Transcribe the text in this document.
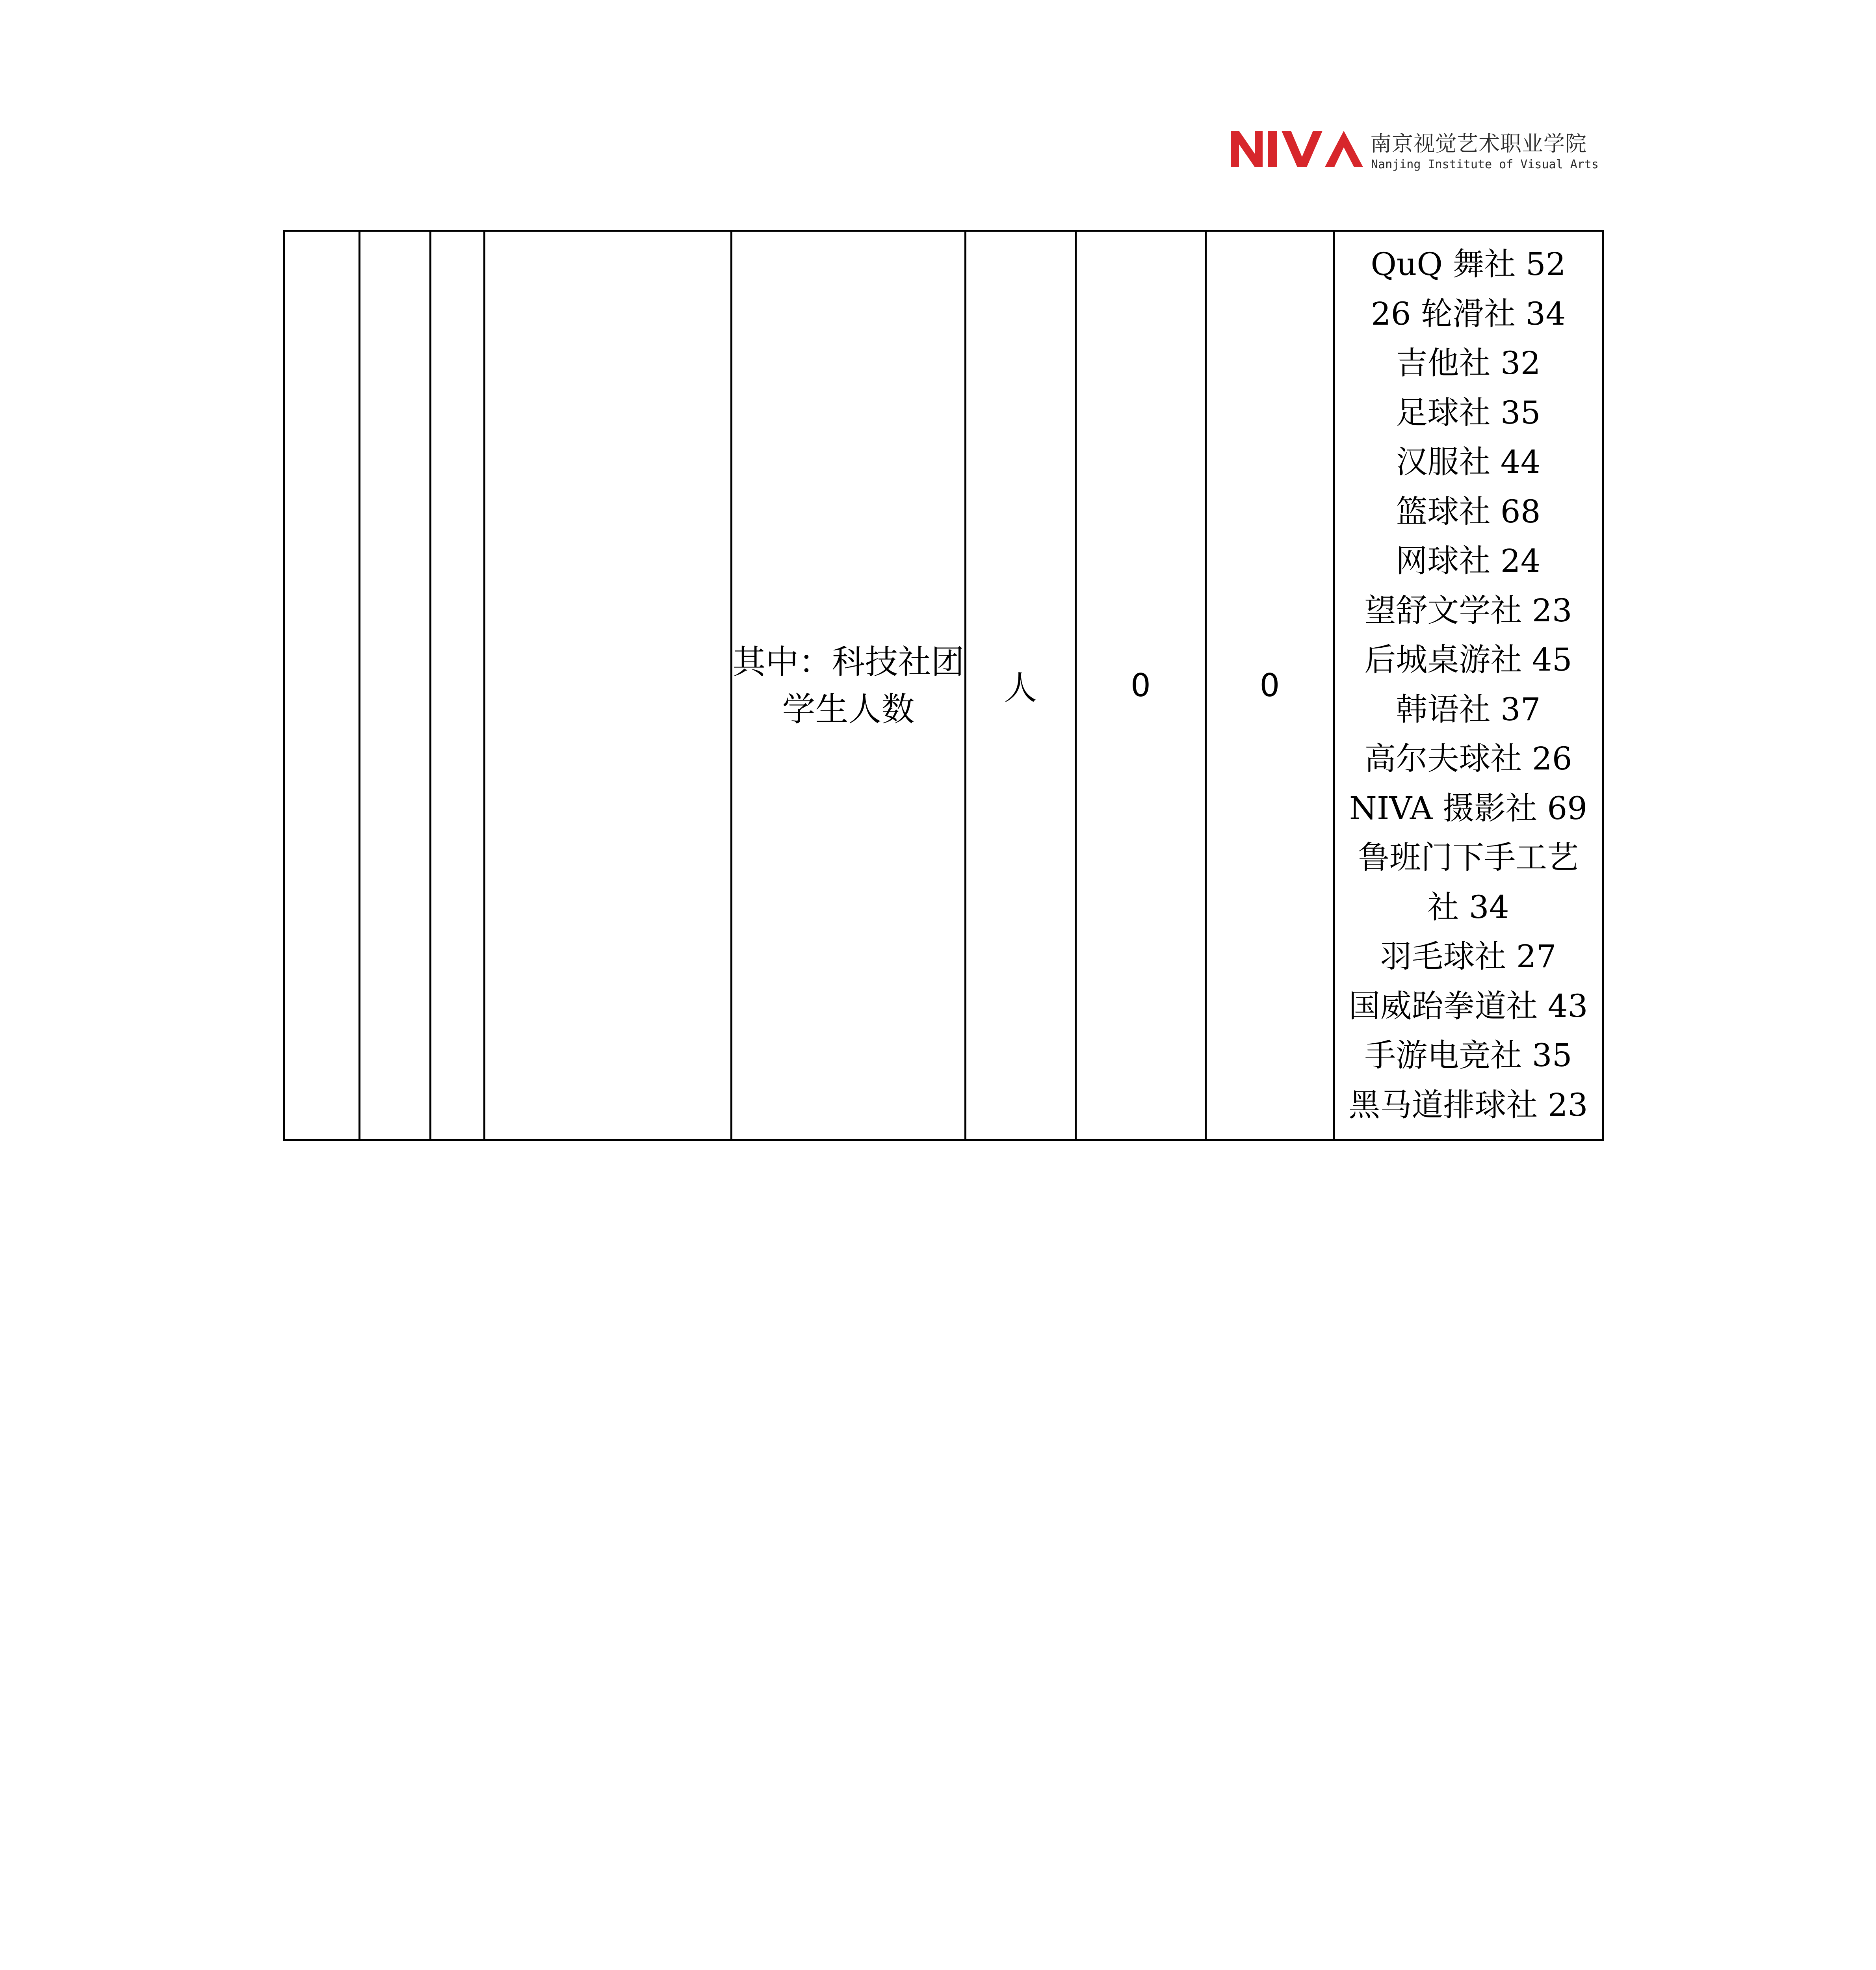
南京视觉艺术职业学院
Nanjing Institute of Visual Arts
				其中：科技社团学生人数	人	0	0	
QuQ 舞社 52
26 轮滑社 34
吉他社 32
足球社 35
汉服社 44
篮球社 68
网球社 24
望舒文学社 23
后城桌游社 45
韩语社 37
高尔夫球社 26
NIVA 摄影社 69
鲁班门下手工艺
社 34
羽毛球社 27
国威跆拳道社 43
手游电竞社 35
黑马道排球社 23
